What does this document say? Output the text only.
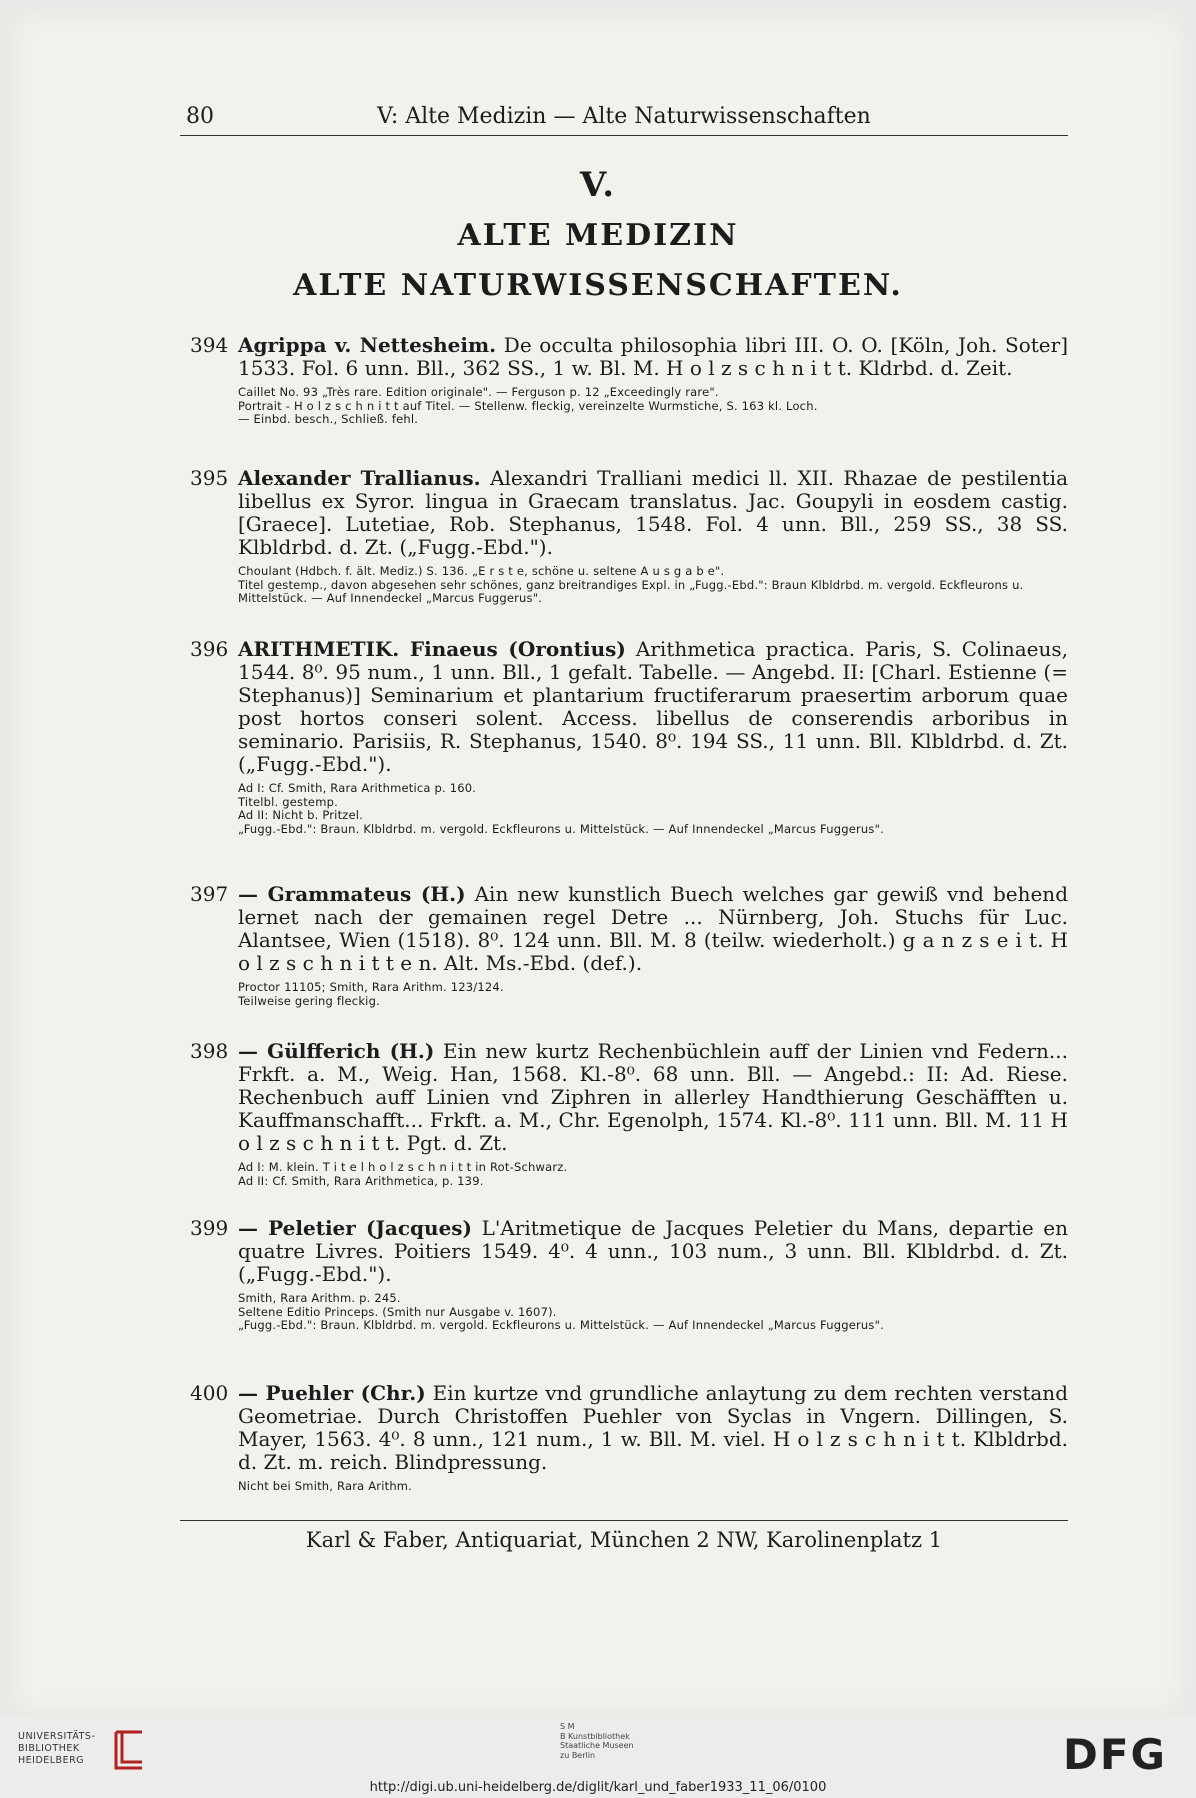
80	V: Alte Medizin — Alte Naturwissenschaften
V.
ALTE MEDIZIN
ALTE NATURWISSENSCHAFTEN.
394 Agrippa v. Nettesheim. De occulta philosophia libri III. O. O. [Köln, Joh. Soter] 1533. Fol. 6 unn. Bll., 362 SS., 1 w. Bl. M. H o l z s c h n i t t. Kldrbd. d. Zeit.
Caillet No. 93 „Très rare. Edition originale". — Ferguson p. 12 „Exceedingly rare".
Portrait - H o l z s c h n i t t auf Titel. — Stellenw. fleckig, vereinzelte Wurmstiche, S. 163 kl. Loch.
— Einbd. besch., Schließ. fehl.
395 Alexander Trallianus. Alexandri Tralliani medici ll. XII. Rhazae de pestilentia libellus ex Syror. lingua in Graecam translatus. Jac. Goupyli in eosdem castig. [Graece]. Lutetiae, Rob. Stephanus, 1548. Fol. 4 unn. Bll., 259 SS., 38 SS. Klbldrbd. d. Zt. („Fugg.-Ebd.").
Choulant (Hdbch. f. ält. Mediz.) S. 136. „E r s t e, schöne u. seltene A u s g a b e".
Titel gestemp., davon abgesehen sehr schönes, ganz breitrandiges Expl. in „Fugg.-Ebd.": Braun Klbldrbd. m. vergold. Eckfleurons u. Mittelstück. — Auf Innendeckel „Marcus Fuggerus".
396 ARITHMETIK. Finaeus (Orontius) Arithmetica practica. Paris, S. Colinaeus, 1544. 8⁰. 95 num., 1 unn. Bll., 1 gefalt. Tabelle. — Angebd. II: [Charl. Estienne (= Stephanus)] Seminarium et plantarium fructiferarum praesertim arborum quae post hortos conseri solent. Access. libellus de conserendis arboribus in seminario. Parisiis, R. Stephanus, 1540. 8⁰. 194 SS., 11 unn. Bll. Klbldrbd. d. Zt. („Fugg.-Ebd.").
Ad I: Cf. Smith, Rara Arithmetica p. 160.
Titelbl. gestemp.
Ad II: Nicht b. Pritzel.
„Fugg.-Ebd.": Braun. Klbldrbd. m. vergold. Eckfleurons u. Mittelstück. — Auf Innendeckel „Marcus Fuggerus".
397 — Grammateus (H.) Ain new kunstlich Buech welches gar gewiß vnd behend lernet nach der gemainen regel Detre ... Nürnberg, Joh. Stuchs für Luc. Alantsee, Wien (1518). 8⁰. 124 unn. Bll. M. 8 (teilw. wiederholt.) g a n z s e i t. H o l z s c h n i t t e n. Alt. Ms.-Ebd. (def.).
Proctor 11105; Smith, Rara Arithm. 123/124.
Teilweise gering fleckig.
398 — Gülfferich (H.) Ein new kurtz Rechenbüchlein auff der Linien vnd Federn... Frkft. a. M., Weig. Han, 1568. Kl.-8⁰. 68 unn. Bll. — Angebd.: II: Ad. Riese. Rechenbuch auff Linien vnd Ziphren in allerley Handthierung Geschäfften u. Kauffmanschafft... Frkft. a. M., Chr. Egenolph, 1574. Kl.-8⁰. 111 unn. Bll. M. 11 H o l z s c h n i t t. Pgt. d. Zt.
Ad I: M. klein. T i t e l h o l z s c h n i t t in Rot-Schwarz.
Ad II: Cf. Smith, Rara Arithmetica, p. 139.
399 — Peletier (Jacques) L'Aritmetique de Jacques Peletier du Mans, departie en quatre Livres. Poitiers 1549. 4⁰. 4 unn., 103 num., 3 unn. Bll. Klbldrbd. d. Zt. („Fugg.-Ebd.").
Smith, Rara Arithm. p. 245.
Seltene Editio Princeps. (Smith nur Ausgabe v. 1607).
„Fugg.-Ebd.": Braun. Klbldrbd. m. vergold. Eckfleurons u. Mittelstück. — Auf Innendeckel „Marcus Fuggerus".
400 — Puehler (Chr.) Ein kurtze vnd grundliche anlaytung zu dem rechten verstand Geometriae. Durch Christoffen Puehler von Syclas in Vngern. Dillingen, S. Mayer, 1563. 4⁰. 8 unn., 121 num., 1 w. Bll. M. viel. H o l z s c h n i t t. Klbldrbd. d. Zt. m. reich. Blindpressung.
Nicht bei Smith, Rara Arithm.
Karl & Faber, Antiquariat, München 2 NW, Karolinenplatz 1
UNIVERSITÄTS-
BIBLIOTHEK
HEIDELBERG
S M
B Kunstbibliothek
Staatliche Museen
zu Berlin	DFG
http://digi.ub.uni-heidelberg.de/diglit/karl_und_faber1933_11_06/0100
